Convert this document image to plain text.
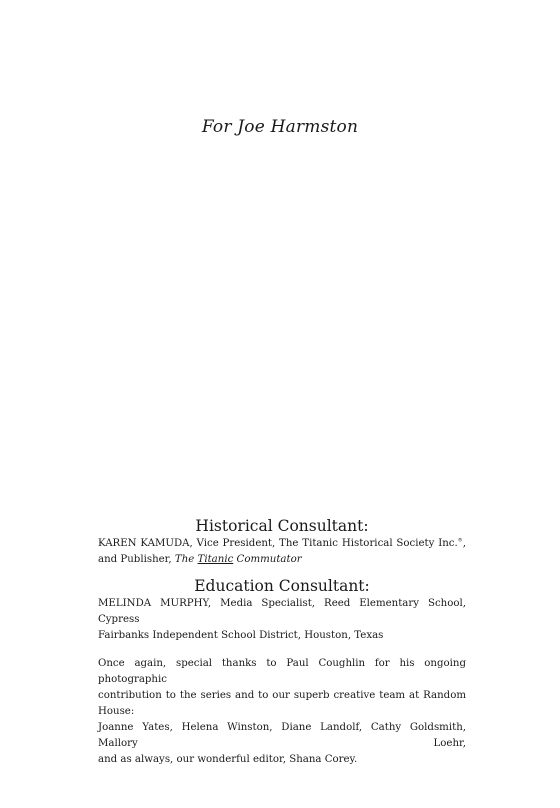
For Joe Harmston

Historical Consultant:

KAREN KAMUDA, Vice President, The Titanic Historical Society Inc.®,
and Publisher, The Titanic Commutator

Education Consultant:

MELINDA MURPHY, Media Specialist, Reed Elementary School, Cypress
Fairbanks Independent School District, Houston, Texas

Once again, special thanks to Paul Coughlin for his ongoing photographic
contribution to the series and to our superb creative team at Random House:
Joanne Yates, Helena Winston, Diane Landolf, Cathy Goldsmith, Mallory Loehr,
and as always, our wonderful editor, Shana Corey.
